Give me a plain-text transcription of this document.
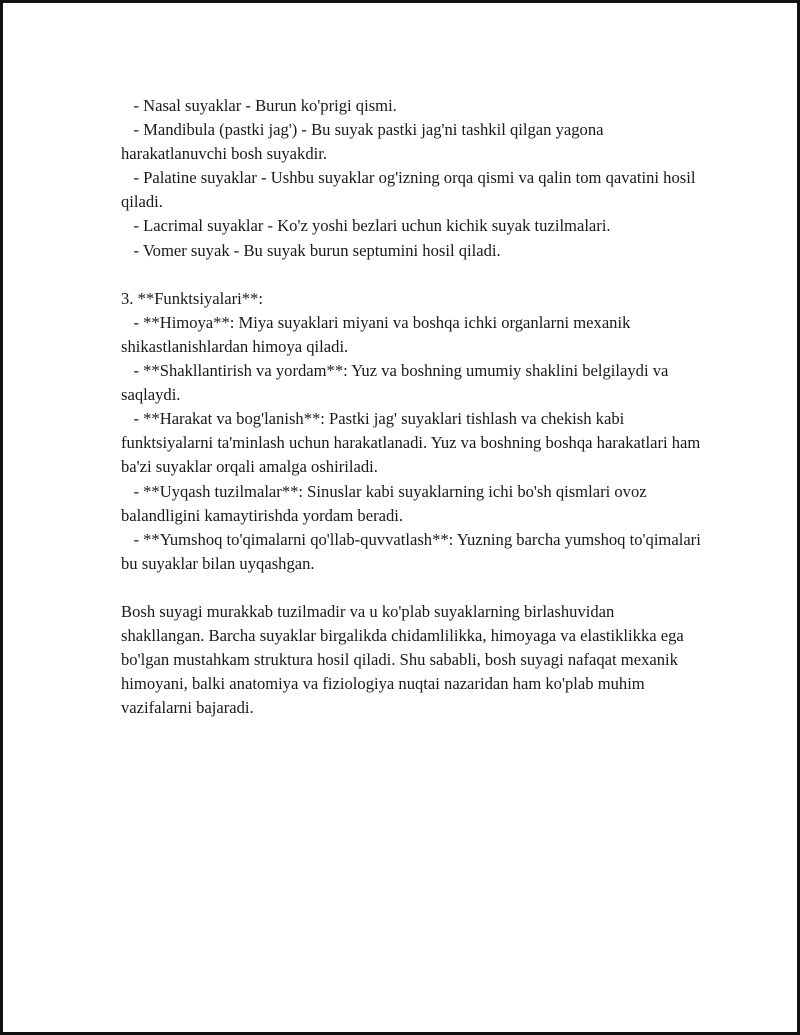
- Nasal suyaklar - Burun ko'prigi qismi.

- Mandibula (pastki jag') - Bu suyak pastki jag'ni tashkil qilgan yagona harakatlanuvchi bosh suyakdir.

- Palatine suyaklar - Ushbu suyaklar og'izning orqa qismi va qalin tom qavatini hosil qiladi.

- Lacrimal suyaklar - Ko'z yoshi bezlari uchun kichik suyak tuzilmalari.

- Vomer suyak - Bu suyak burun septumini hosil qiladi.

3. **Funktsiyalari**:

- **Himoya**: Miya suyaklari miyani va boshqa ichki organlarni mexanik shikastlanishlardan himoya qiladi.

- **Shakllantirish va yordam**: Yuz va boshning umumiy shaklini belgilaydi va saqlaydi.

- **Harakat va bog'lanish**: Pastki jag' suyaklari tishlash va chekish kabi funktsiyalarni ta'minlash uchun harakatlanadi. Yuz va boshning boshqa harakatlari ham ba'zi suyaklar orqali amalga oshiriladi.

- **Uyqash tuzilmalar**: Sinuslar kabi suyaklarning ichi bo'sh qismlari ovoz balandligini kamaytirishda yordam beradi.

- **Yumshoq to'qimalarni qo'llab-quvvatlash**: Yuzning barcha yumshoq to'qimalari bu suyaklar bilan uyqashgan.

Bosh suyagi murakkab tuzilmadir va u ko'plab suyaklarning birlashuvidan shakllangan. Barcha suyaklar birgalikda chidamlilikka, himoyaga va elastiklikka ega bo'lgan mustahkam struktura hosil qiladi. Shu sababli, bosh suyagi nafaqat mexanik himoyani, balki anatomiya va fiziologiya nuqtai nazaridan ham ko'plab muhim vazifalarni bajaradi.
